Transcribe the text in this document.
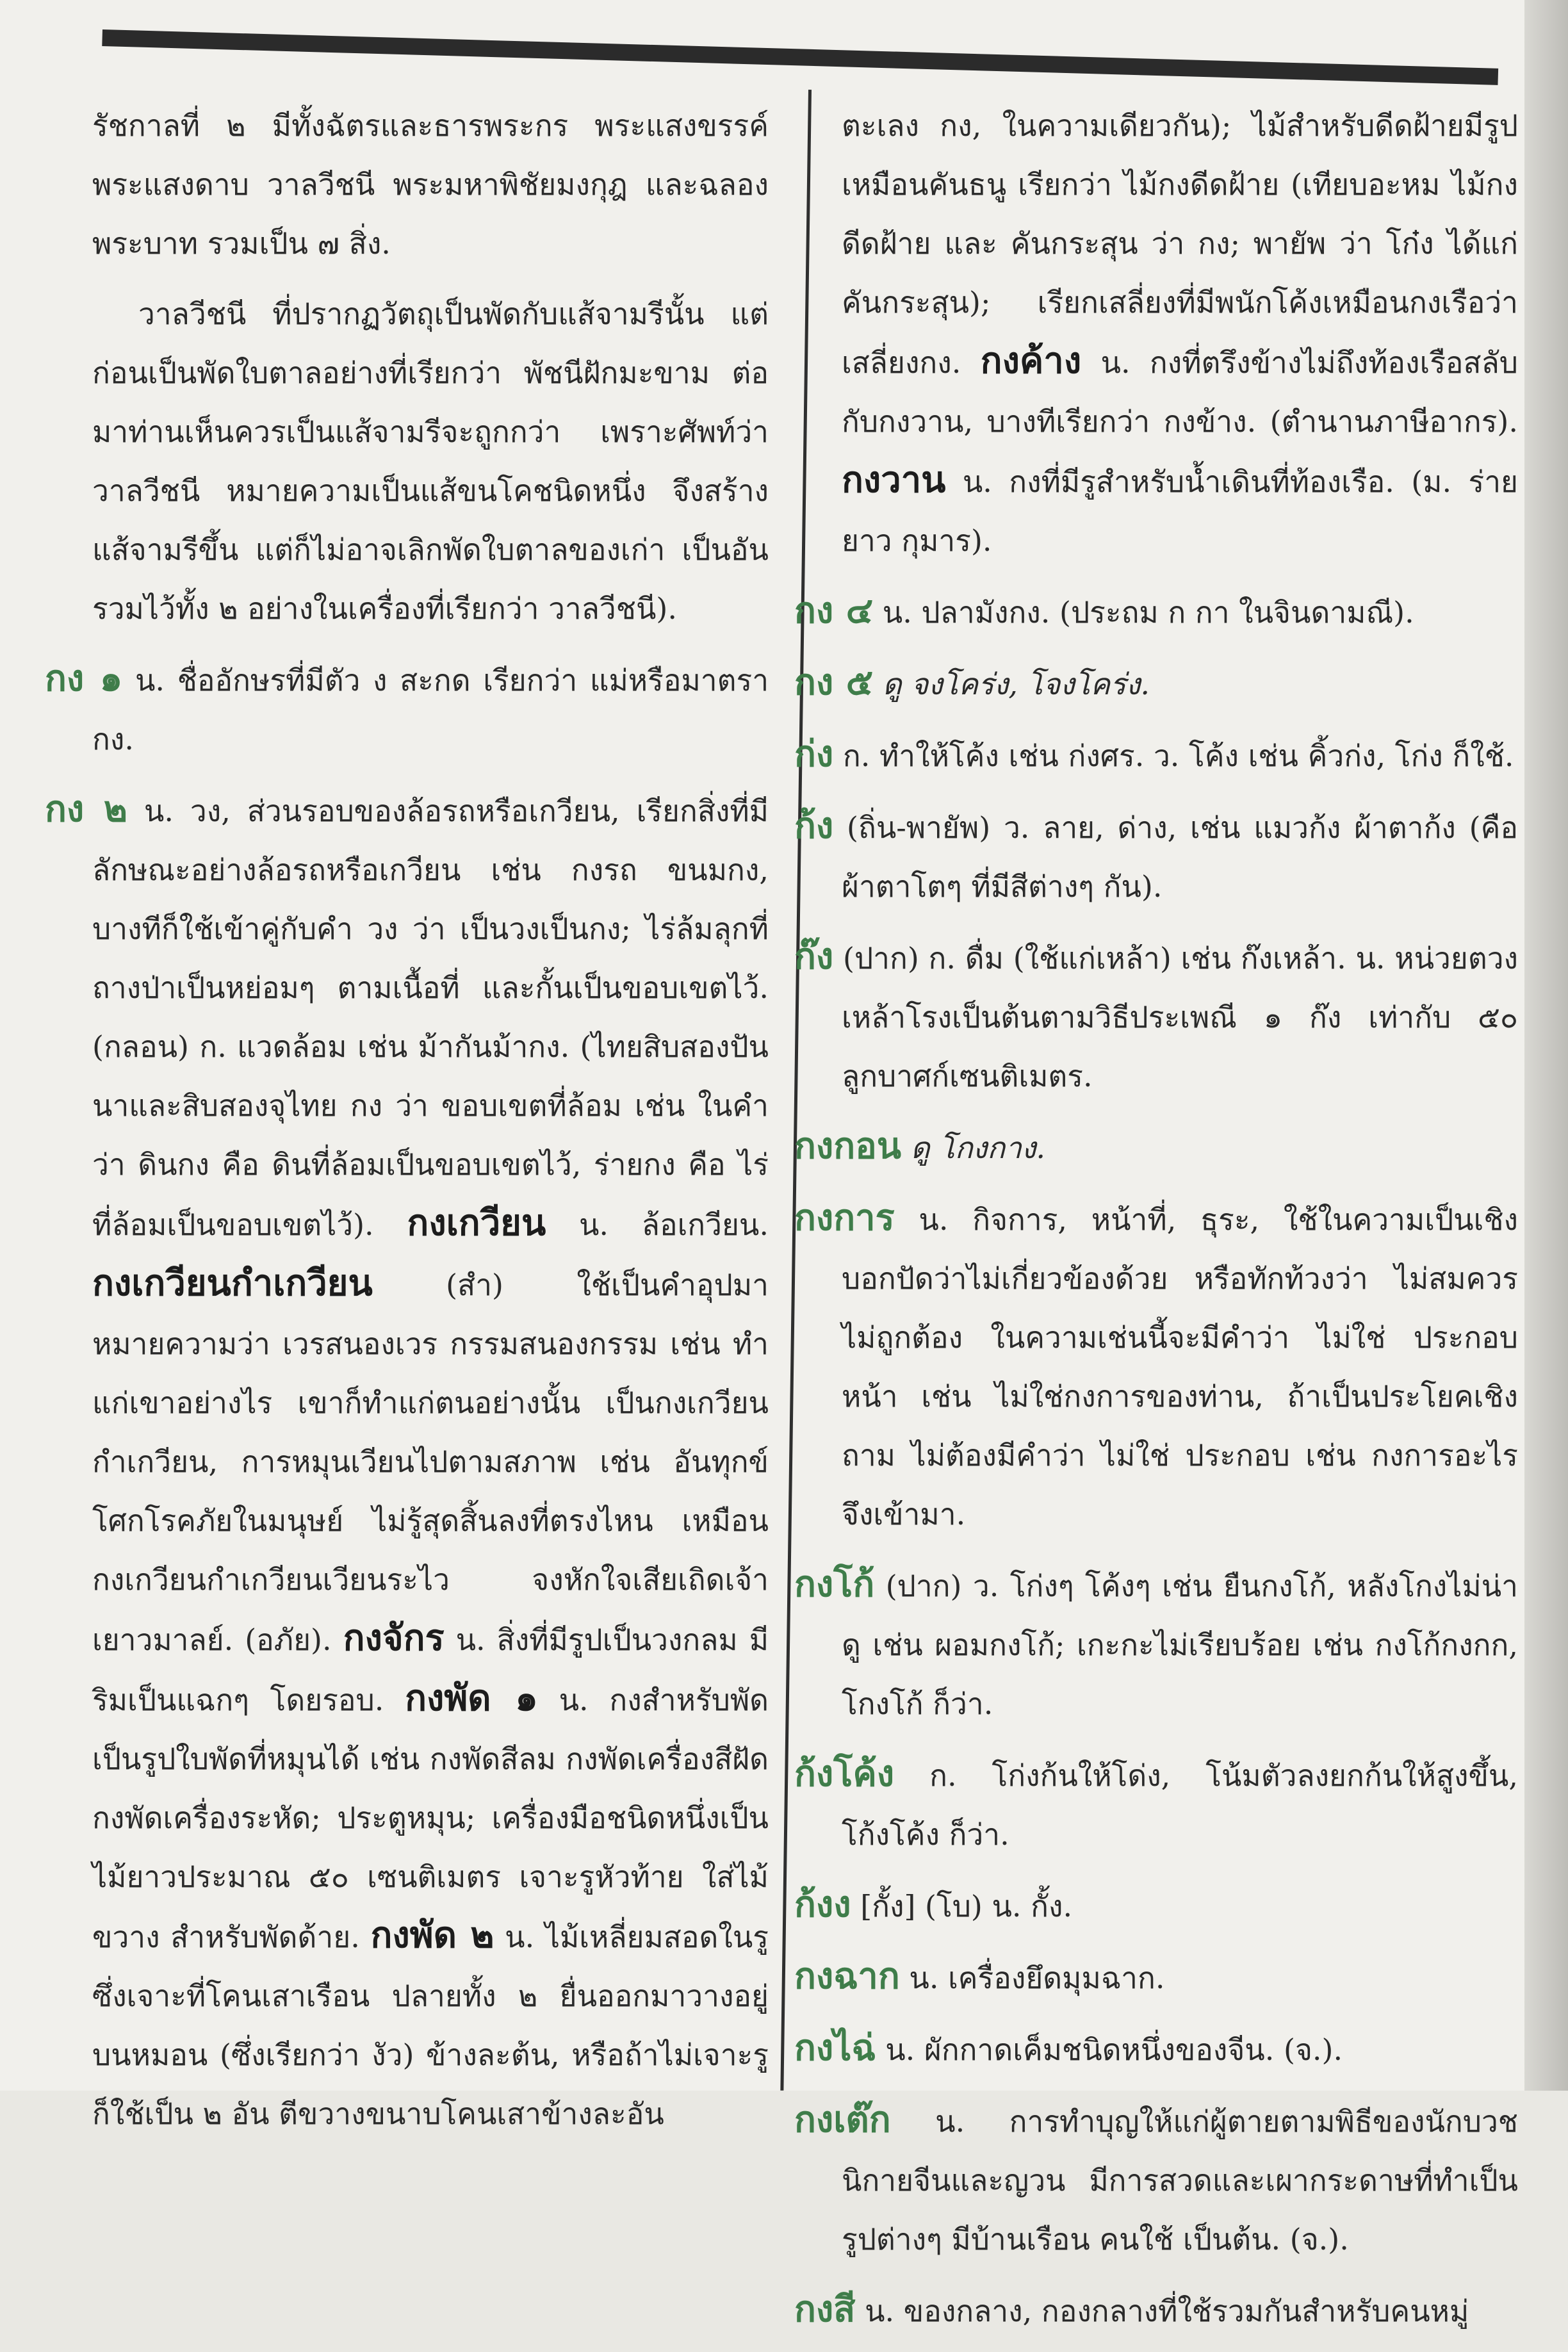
รัชกาลที่ ๒ มีทั้งฉัตรและธารพระกร พระแสงขรรค์ พระแสงดาบ วาลวีชนี พระมหาพิชัยมงกุฎ และฉลอง พระบาท รวมเป็น ๗ สิ่ง.

วาลวีชนี ที่ปรากฏวัตถุเป็นพัดกับแส้จามรีนั้น แต่ก่อนเป็นพัดใบตาลอย่างที่เรียกว่า พัชนีฝักมะขาม ต่อมาท่านเห็นควรเป็นแส้จามรีจะถูกกว่า เพราะศัพท์ว่า วาลวีชนี หมายความเป็นแส้ขนโคชนิดหนึ่ง จึงสร้างแส้จามรีขึ้น แต่ก็ไม่อาจเลิกพัดใบตาลของเก่า เป็นอันรวมไว้ทั้ง ๒ อย่างในเครื่องที่เรียกว่า วาลวีชนี).

กง ๑ น. ชื่ออักษรที่มีตัว ง สะกด เรียกว่า แม่หรือมาตรา กง.

กง ๒ น. วง, ส่วนรอบของล้อรถหรือเกวียน, เรียกสิ่งที่มีลักษณะอย่างล้อรถหรือเกวียน เช่น กงรถ ขนมกง, บางทีก็ใช้เข้าคู่กับคำ วง ว่า เป็นวงเป็นกง; ไร่ล้มลุกที่ถางป่าเป็นหย่อมๆ ตามเนื้อที่ และกั้นเป็นขอบเขตไว้. (กลอน) ก. แวดล้อม เช่น ม้ากันม้ากง. (ไทยสิบสองปันนาและสิบสองจุไทย กง ว่า ขอบเขตที่ล้อม เช่น ในคำว่า ดินกง คือ ดินที่ล้อมเป็นขอบเขตไว้, ร่ายกง คือ ไร่ที่ล้อมเป็นขอบเขตไว้). กงเกวียน น. ล้อเกวียน. กงเกวียนกำเกวียน (สำ) ใช้เป็นคำอุปมา หมายความว่า เวรสนองเวร กรรมสนองกรรม เช่น ทำแก่เขาอย่างไร เขาก็ทำแก่ตนอย่างนั้น เป็นกงเกวียนกำเกวียน, การหมุนเวียนไปตามสภาพ เช่น อันทุกข์โศกโรคภัยในมนุษย์ ไม่รู้สุดสิ้นลงที่ตรงไหน เหมือนกงเกวียนกำเกวียนเวียนระไว จงหักใจเสียเถิดเจ้าเยาวมาลย์. (อภัย). กงจักร น. สิ่งที่มีรูปเป็นวงกลม มีริมเป็นแฉกๆ โดยรอบ. กงพัด ๑ น. กงสำหรับพัด เป็นรูปใบพัดที่หมุนได้ เช่น กงพัดสีลม กงพัดเครื่องสีฝัด กงพัดเครื่องระหัด; ประตูหมุน; เครื่องมือชนิดหนึ่งเป็นไม้ยาวประมาณ ๕๐ เซนติเมตร เจาะรูหัวท้าย ใส่ไม้ขวาง สำหรับพัดด้าย. กงพัด ๒ น. ไม้เหลี่ยมสอดในรูซึ่งเจาะที่โคนเสาเรือน ปลายทั้ง ๒ ยื่นออกมาวางอยู่บนหมอน (ซึ่งเรียกว่า งัว) ข้างละต้น, หรือถ้าไม่เจาะรู ก็ใช้เป็น ๒ อัน ตีขวางขนาบโคนเสาข้างละอัน

ตะเลง กง, ในความเดียวกัน); ไม้สำหรับดีดฝ้ายมีรูปเหมือนคันธนู เรียกว่า ไม้กงดีดฝ้าย (เทียบอะหม ไม้กงดีดฝ้าย และ คันกระสุน ว่า กง; พายัพ ว่า โก๋ง ได้แก่ คันกระสุน); เรียกเสลี่ยงที่มีพนักโค้งเหมือนกงเรือว่า เสลี่ยงกง. กงค้าง น. กงที่ตรึงข้างไม่ถึงท้องเรือสลับกับกงวาน, บางทีเรียกว่า กงข้าง. (ตำนานภาษีอากร). กงวาน น. กงที่มีรูสำหรับน้ำเดินที่ท้องเรือ. (ม. ร่ายยาว กุมาร).

กง ๔ น. ปลามังกง. (ประถม ก กา ในจินดามณี).

กง ๕ ดู จงโคร่ง, โจงโคร่ง.

ก่ง ก. ทำให้โค้ง เช่น ก่งศร. ว. โค้ง เช่น คิ้วก่ง, โก่ง ก็ใช้.

ก้ง (ถิ่น-พายัพ) ว. ลาย, ด่าง, เช่น แมวก้ง ผ้าตาก้ง (คือ ผ้าตาโตๆ ที่มีสีต่างๆ กัน).

ก๊ง (ปาก) ก. ดื่ม (ใช้แก่เหล้า) เช่น ก๊งเหล้า. น. หน่วยตวงเหล้าโรงเป็นต้นตามวิธีประเพณี ๑ ก๊ง เท่ากับ ๕๐ ลูกบาศก์เซนติเมตร.

กงกอน ดู โกงกาง.

กงการ น. กิจการ, หน้าที่, ธุระ, ใช้ในความเป็นเชิงบอกปัดว่าไม่เกี่ยวข้องด้วย หรือทักท้วงว่า ไม่สมควร ไม่ถูกต้อง ในความเช่นนี้จะมีคำว่า ไม่ใช่ ประกอบหน้า เช่น ไม่ใช่กงการของท่าน, ถ้าเป็นประโยคเชิงถาม ไม่ต้องมีคำว่า ไม่ใช่ ประกอบ เช่น กงการอะไรจึงเข้ามา.

กงโก้ (ปาก) ว. โก่งๆ โค้งๆ เช่น ยืนกงโก้, หลังโกงไม่น่าดู เช่น ผอมกงโก้; เกะกะไม่เรียบร้อย เช่น กงโก้กงกก, โกงโก้ ก็ว่า.

ก้งโค้ง ก. โก่งก้นให้โด่ง, โน้มตัวลงยกก้นให้สูงขึ้น, โก้งโค้ง ก็ว่า.

ก้งง [กั้ง] (โบ) น. กั้ง.

กงฉาก น. เครื่องยึดมุมฉาก.

กงไฉ่ น. ผักกาดเค็มชนิดหนึ่งของจีน. (จ.).

กงเต๊ก น. การทำบุญให้แก่ผู้ตายตามพิธีของนักบวชนิกายจีนและญวน มีการสวดและเผากระดาษที่ทำเป็นรูปต่างๆ มีบ้านเรือน คนใช้ เป็นต้น. (จ.).

กงสี น. ของกลาง, กองกลางที่ใช้รวมกันสำหรับคนหมู่
